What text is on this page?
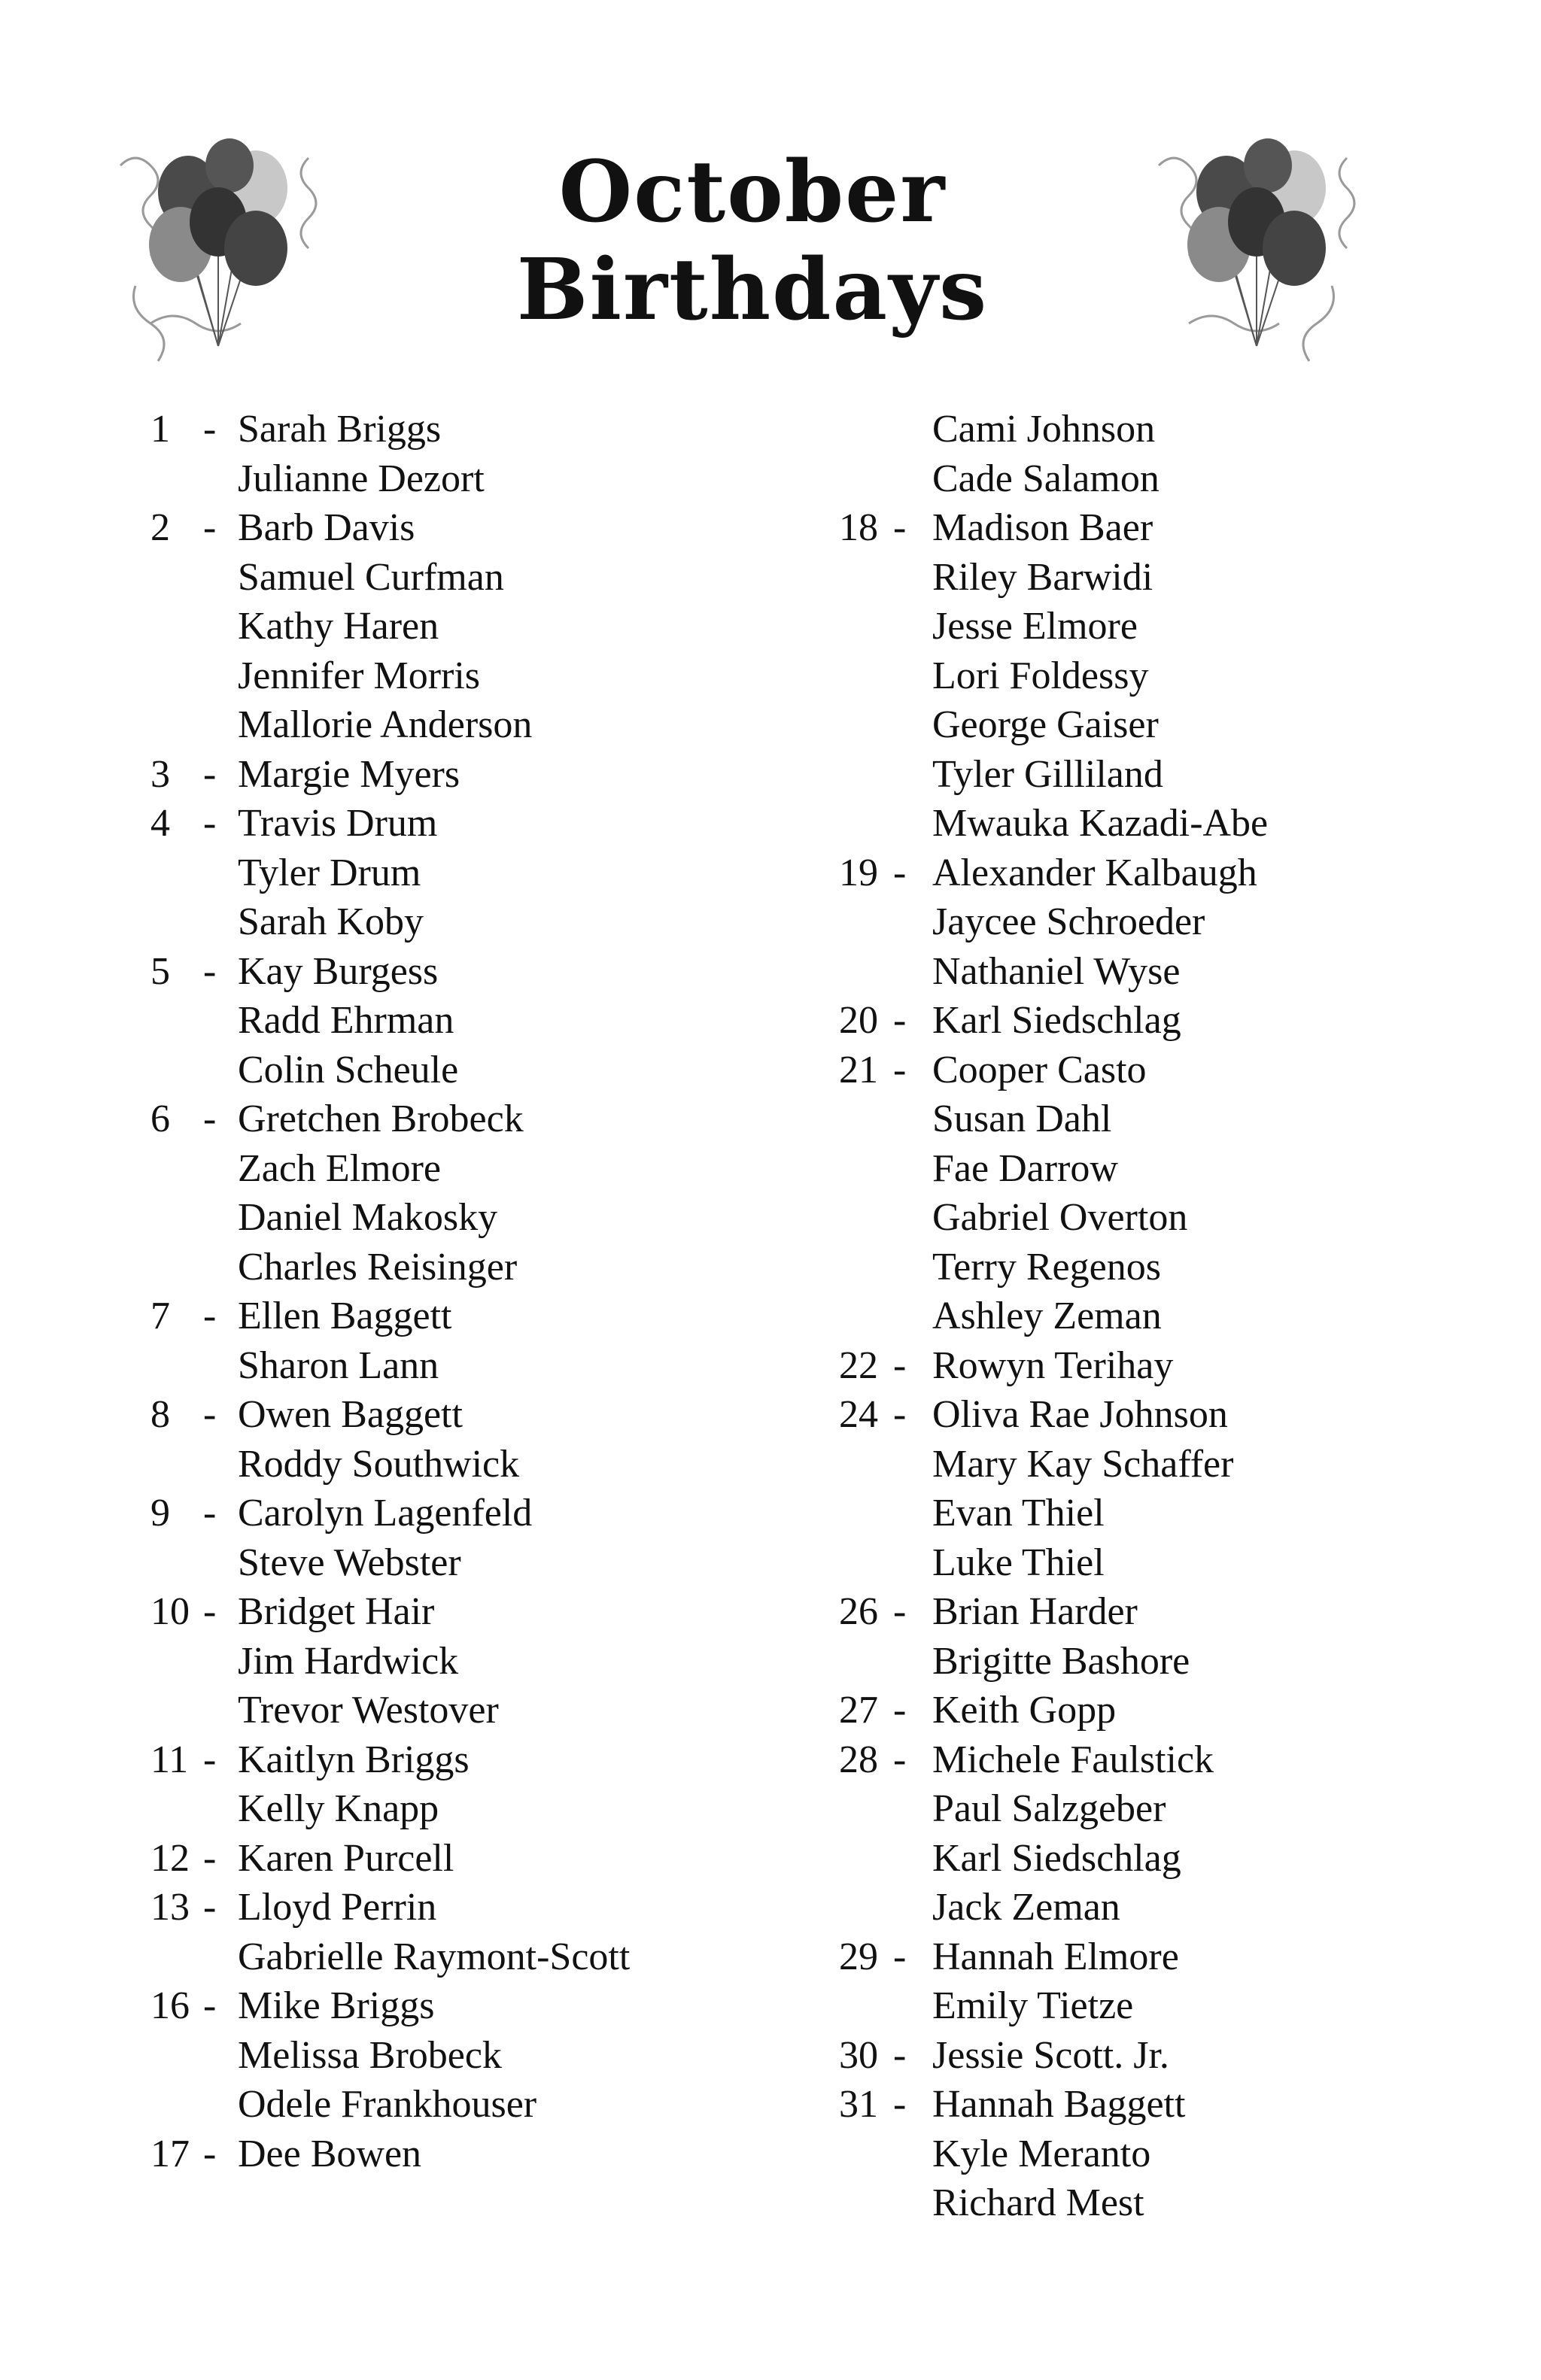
October
Birthdays
1 - Sarah Briggs
Julianne Dezort
2 - Barb Davis
Samuel Curfman
Kathy Haren
Jennifer Morris
Mallorie Anderson
3 - Margie Myers
4 - Travis Drum
Tyler Drum
Sarah Koby
5 - Kay Burgess
Radd Ehrman
Colin Scheule
6 - Gretchen Brobeck
Zach Elmore
Daniel Makosky
Charles Reisinger
7 - Ellen Baggett
Sharon Lann
8 - Owen Baggett
Roddy Southwick
9 - Carolyn Lagenfeld
Steve Webster
10 - Bridget Hair
Jim Hardwick
Trevor Westover
11 - Kaitlyn Briggs
Kelly Knapp
12 - Karen Purcell
13 - Lloyd Perrin
Gabrielle Raymont-Scott
16 - Mike Briggs
Melissa Brobeck
Odele Frankhouser
17 - Dee Bowen
Cami Johnson
Cade Salamon
18 - Madison Baer
Riley Barwidi
Jesse Elmore
Lori Foldessy
George Gaiser
Tyler Gilliland
Mwauka Kazadi-Abe
19 - Alexander Kalbaugh
Jaycee Schroeder
Nathaniel Wyse
20 - Karl Siedschlag
21 - Cooper Casto
Susan Dahl
Fae Darrow
Gabriel Overton
Terry Regenos
Ashley Zeman
22 - Rowyn Terihay
24 - Oliva Rae Johnson
Mary Kay Schaffer
Evan Thiel
Luke Thiel
26 - Brian Harder
Brigitte Bashore
27 - Keith Gopp
28 - Michele Faulstick
Paul Salzgeber
Karl Siedschlag
Jack Zeman
29 - Hannah Elmore
Emily Tietze
30 - Jessie Scott. Jr.
31 - Hannah Baggett
Kyle Meranto
Richard Mest
